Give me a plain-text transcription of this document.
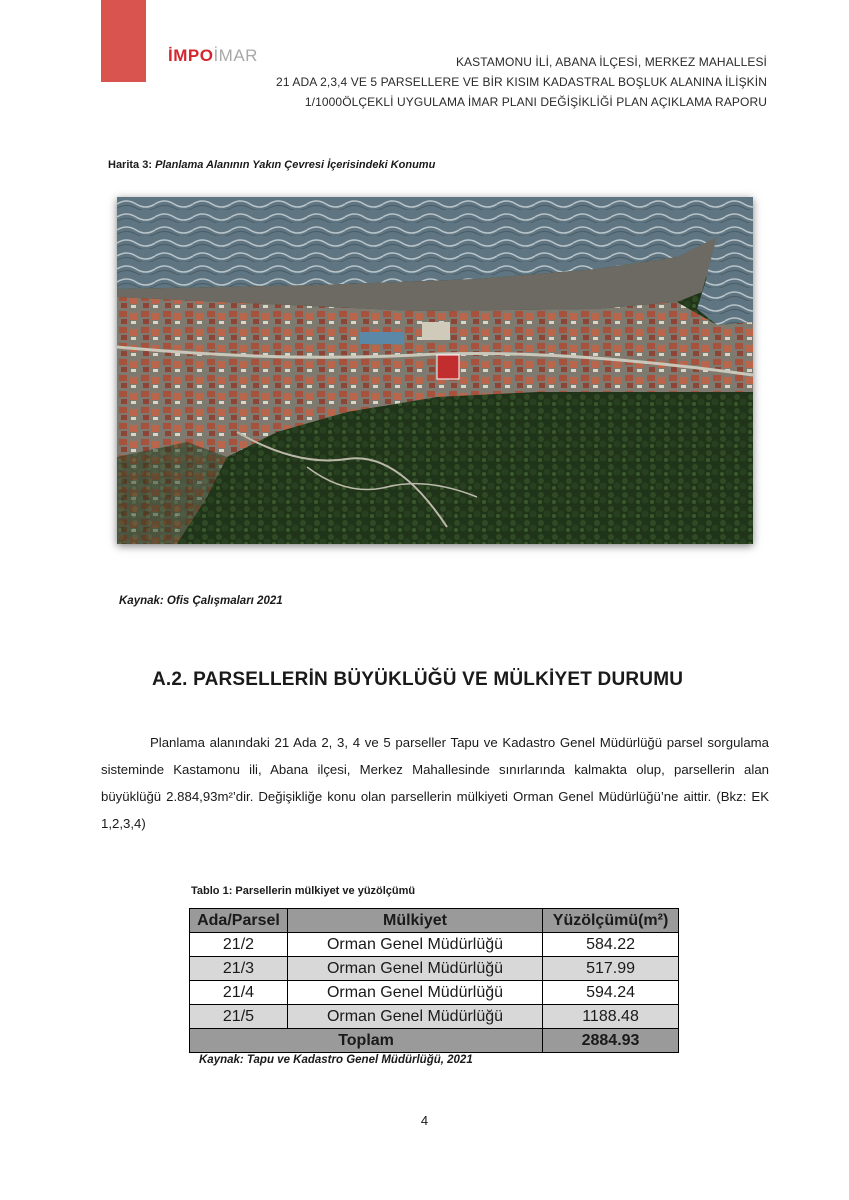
İMPOİMAR	KASTAMONU İLİ, ABANA İLÇESİ, MERKEZ MAHALLESİ
21 ADA 2,3,4 VE 5 PARSELLERE VE BİR KISIM KADASTRAL BOŞLUK ALANINA İLİŞKİN
1/1000ÖLÇEKLİ UYGULAMA İMAR PLANI DEĞİŞİKLİĞİ PLAN AÇIKLAMA RAPORU
Harita 3: Planlama Alanının Yakın Çevresi İçerisindeki Konumu
Kaynak: Ofis Çalışmaları 2021
A.2. PARSELLERİN BÜYÜKLÜĞÜ VE MÜLKİYET DURUMU
Planlama alanındaki 21 Ada 2, 3, 4 ve 5 parseller Tapu ve Kadastro Genel Müdürlüğü parsel sorgulama sisteminde Kastamonu ili, Abana ilçesi, Merkez Mahallesinde sınırlarında kalmakta olup, parsellerin alan büyüklüğü 2.884,93m²’dir. Değişikliğe konu olan parsellerin mülkiyeti Orman Genel Müdürlüğü’ne aittir. (Bkz: EK 1,2,3,4)
Tablo 1: Parsellerin mülkiyet ve yüzölçümü
Ada/Parsel	Mülkiyet	Yüzölçümü(m²)
21/2	Orman Genel Müdürlüğü	584.22
21/3	Orman Genel Müdürlüğü	517.99
21/4	Orman Genel Müdürlüğü	594.24
21/5	Orman Genel Müdürlüğü	1188.48
Toplam		2884.93
Kaynak: Tapu ve Kadastro Genel Müdürlüğü, 2021
4
